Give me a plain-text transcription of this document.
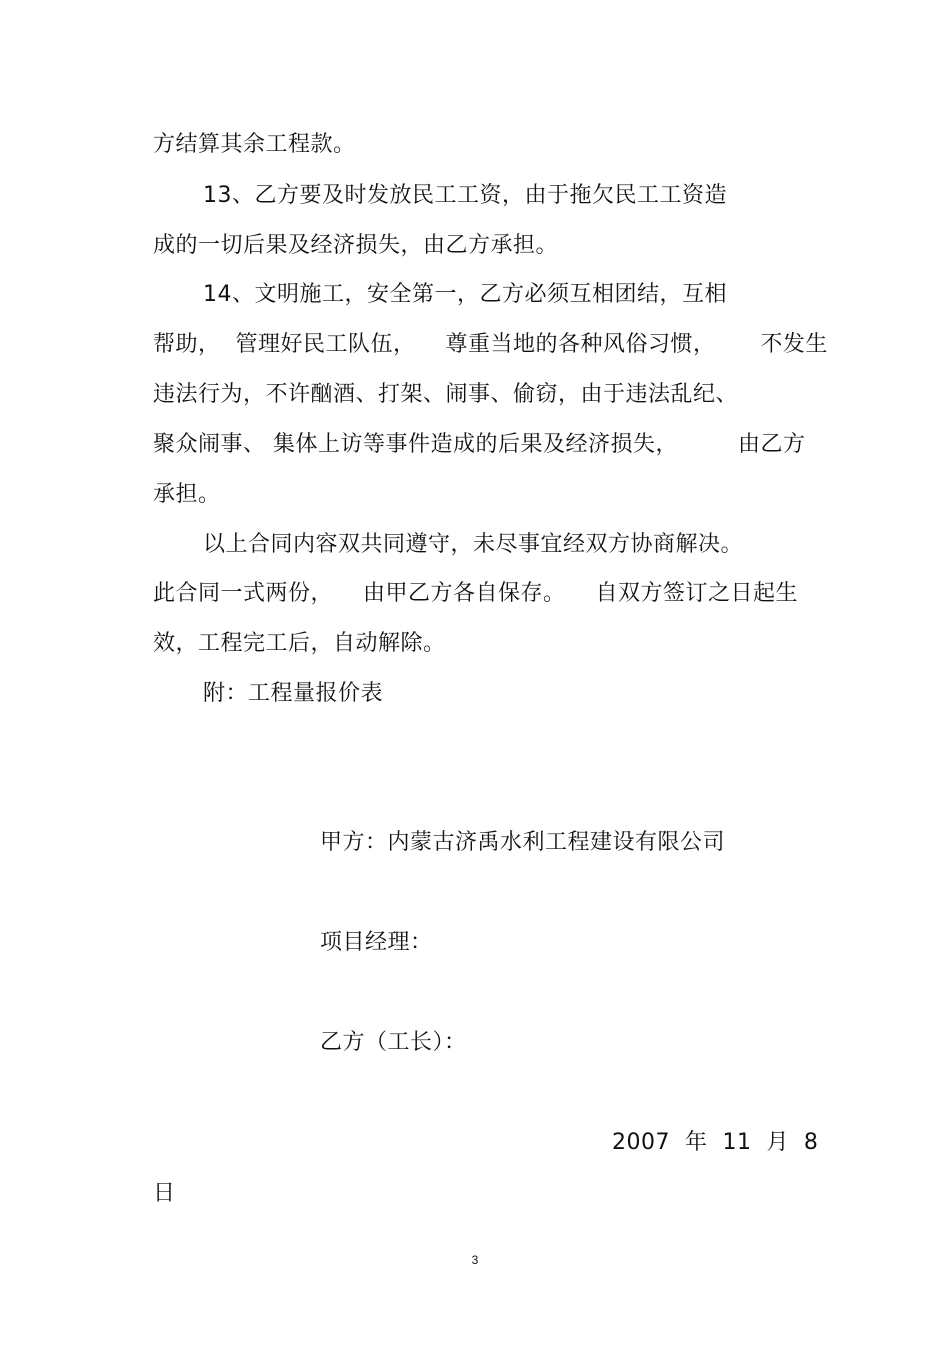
方结算其余工程款。
13、乙方要及时发放民工工资，由于拖欠民工工资造
成的一切后果及经济损失，由乙方承担。
14、文明施工，安全第一，乙方必须互相团结，互相
帮助，  管理好民工队伍，    尊重当地的各种风俗习惯，      不发生
违法行为，不许酗酒、打架、闹事、偷窃，由于违法乱纪、
聚众闹事、 集体上访等事件造成的后果及经济损失，        由乙方
承担。
以上合同内容双共同遵守，未尽事宜经双方协商解决。
此合同一式两份，    由甲乙方各自保存。    自双方签订之日起生
效，工程完工后，自动解除。
附：工程量报价表
甲方：内蒙古济禹水利工程建设有限公司
项目经理：
乙方（工长）：
2007  年  11  月  8
日
3
